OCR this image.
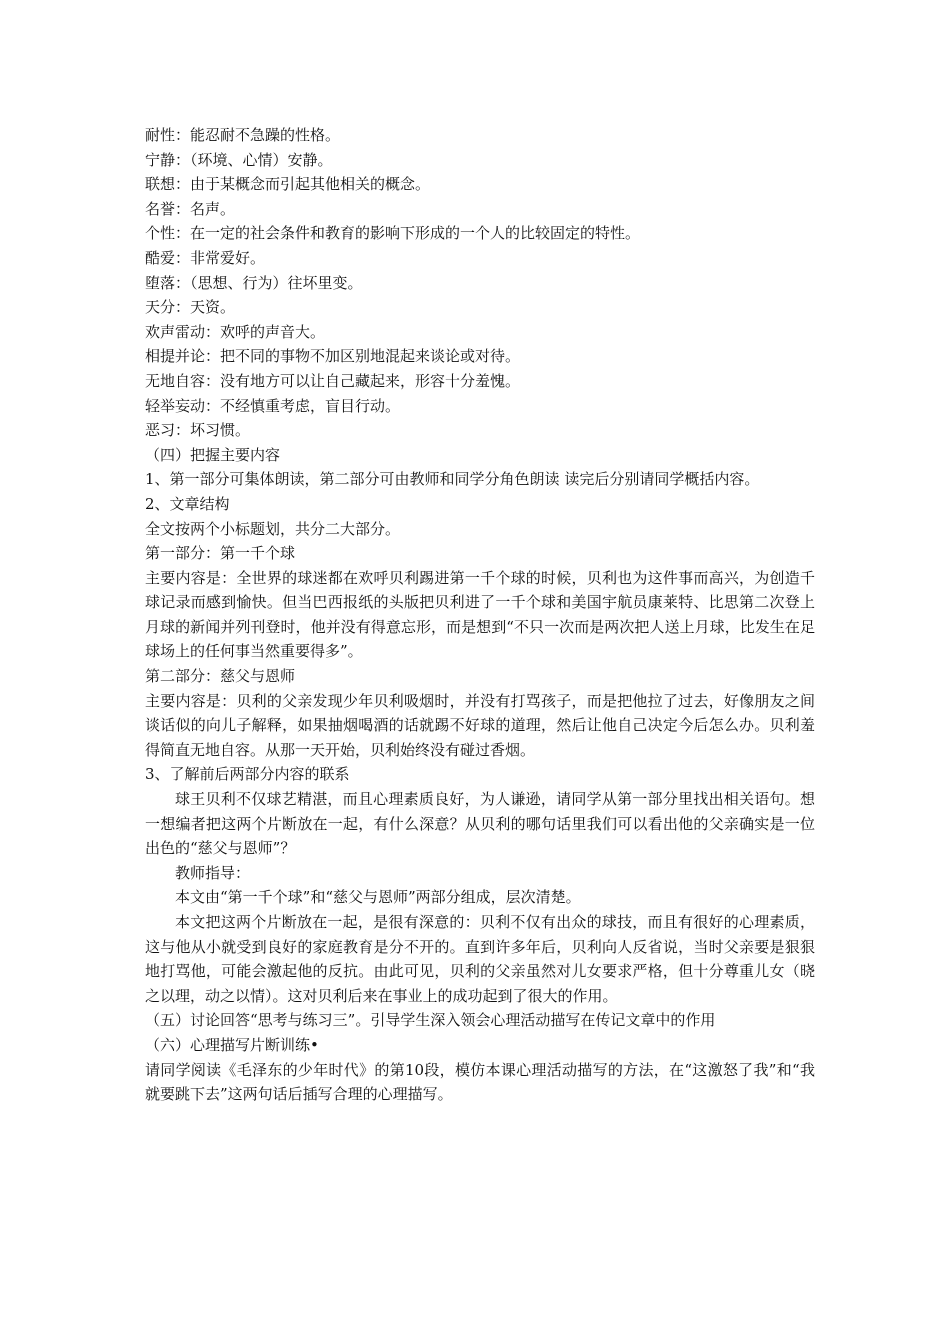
耐性：能忍耐不急躁的性格。
宁静：（环境、心情）安静。
联想：由于某概念而引起其他相关的概念。
名誉：名声。
个性：在一定的社会条件和教育的影响下形成的一个人的比较固定的特性。
酷爱：非常爱好。
堕落：（思想、行为）往坏里变。
天分：天资。
欢声雷动：欢呼的声音大。
相提并论：把不同的事物不加区别地混起来谈论或对待。
无地自容：没有地方可以让自己藏起来，形容十分羞愧。
轻举妄动：不经慎重考虑，盲目行动。
恶习：坏习惯。
（四）把握主要内容
1、第一部分可集体朗读，第二部分可由教师和同学分角色朗读 读完后分别请同学概括内容。
2、文章结构
全文按两个小标题划，共分二大部分。
第一部分：第一千个球
主要内容是：全世界的球迷都在欢呼贝利踢进第一千个球的时候，贝利也为这件事而高兴，为创造千球记录而感到愉快。但当巴西报纸的头版把贝利进了一千个球和美国宇航员康莱特、比思第二次登上月球的新闻并列刊登时，他并没有得意忘形，而是想到“不只一次而是两次把人送上月球，比发生在足球场上的任何事当然重要得多”。
第二部分：慈父与恩师
主要内容是：贝利的父亲发现少年贝利吸烟时，并没有打骂孩子，而是把他拉了过去，好像朋友之间谈话似的向儿子解释，如果抽烟喝酒的话就踢不好球的道理，然后让他自己决定今后怎么办。贝利羞得简直无地自容。从那一天开始，贝利始终没有碰过香烟。
3、了解前后两部分内容的联系
球王贝利不仅球艺精湛，而且心理素质良好，为人谦逊，请同学从第一部分里找出相关语句。想一想编者把这两个片断放在一起，有什么深意？从贝利的哪句话里我们可以看出他的父亲确实是一位出色的“慈父与恩师”？
教师指导：
本文由“第一千个球”和“慈父与恩师”两部分组成，层次清楚。
本文把这两个片断放在一起，是很有深意的：贝利不仅有出众的球技，而且有很好的心理素质，这与他从小就受到良好的家庭教育是分不开的。直到许多年后，贝利向人反省说，当时父亲要是狠狠地打骂他，可能会激起他的反抗。由此可见，贝利的父亲虽然对儿女要求严格，但十分尊重儿女（晓之以理，动之以情）。这对贝利后来在事业上的成功起到了很大的作用。
（五）讨论回答“思考与练习三”。引导学生深入领会心理活动描写在传记文章中的作用
（六）心理描写片断训练•
请同学阅读《毛泽东的少年时代》的第10段，模仿本课心理活动描写的方法，在“这激怒了我”和“我就要跳下去”这两句话后插写合理的心理描写。
